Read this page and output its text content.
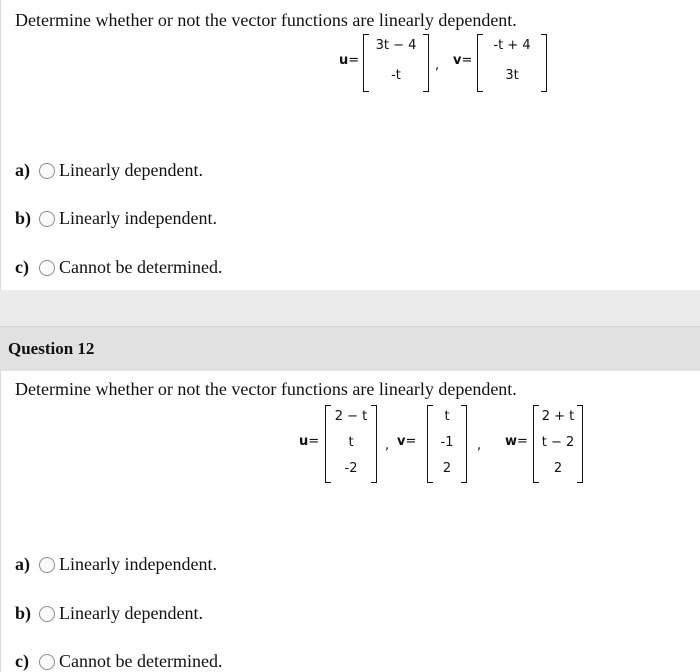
Determine whether or not the vector functions are linearly dependent.
u=
3t − 4
-t
, v=
-t + 4
3t
a)	Linearly dependent.
b)	Linearly independent.
c)	Cannot be determined.
Question 12
Determine whether or not the vector functions are linearly dependent.
u=
2 − t
t
-2
, v=
t
-1
2
, w=
2 + t
t − 2
2
a)	Linearly independent.
b)	Linearly dependent.
c)	Cannot be determined.
